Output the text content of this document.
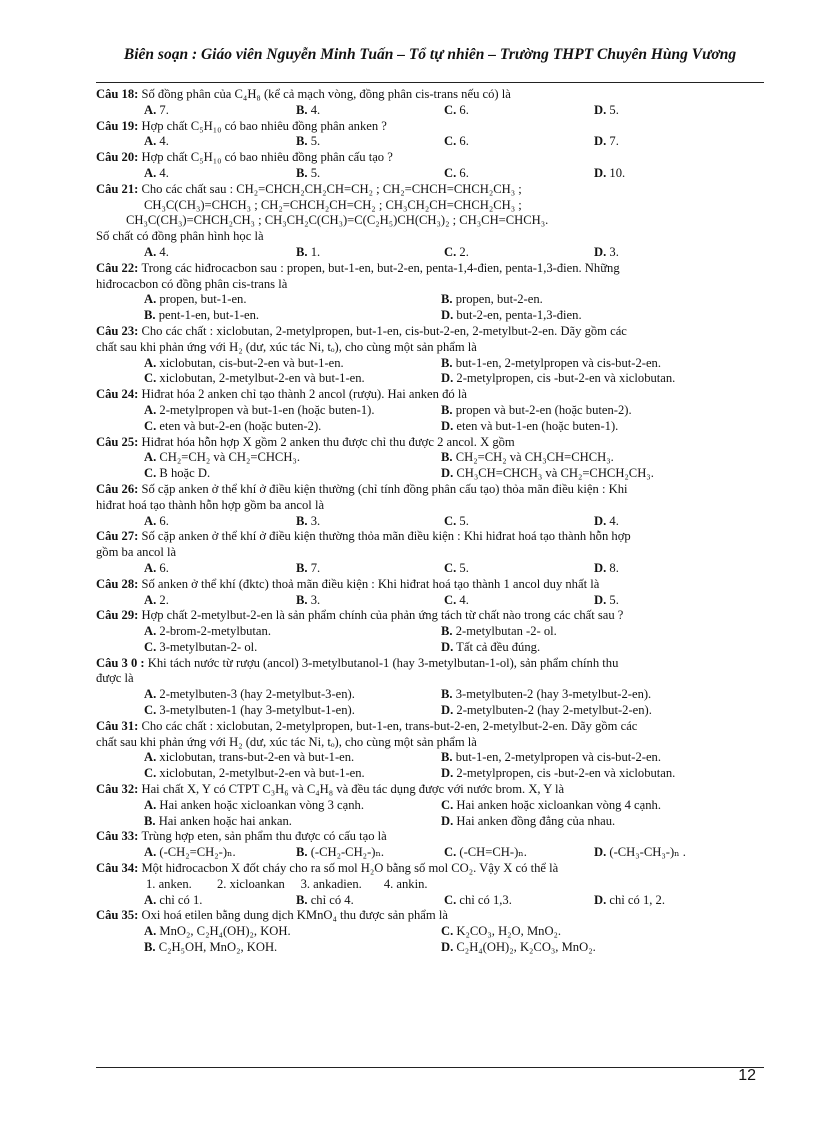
Biên soạn : Giáo viên Nguyễn Minh Tuấn – Tổ tự nhiên – Trường THPT Chuyên Hùng Vương
Câu 18: Số đồng phân của C₄H₈ (kể cả mạch vòng, đồng phân cis-trans nếu có) là
A. 7.	B. 4.	C. 6.	D. 5.
Câu 19: Hợp chất C₅H₁₀ có bao nhiêu đồng phân anken ?
A. 4.	B. 5.	C. 6.	D. 7.
Câu 20: Hợp chất C₅H₁₀ có bao nhiêu đồng phân cấu tạo ?
A. 4.	B. 5.	C. 6.	D. 10.
Câu 21: Cho các chất sau : CH₂=CHCH₂CH₂CH=CH₂ ; CH₂=CHCH=CHCH₂CH₃ ;
CH₃C(CH₃)=CHCH₃ ; CH₂=CHCH₂CH=CH₂ ; CH₃CH₂CH=CHCH₂CH₃ ;
CH₃C(CH₃)=CHCH₂CH₃ ; CH₃CH₂C(CH₃)=C(C₂H₅)CH(CH₃)₂ ; CH₃CH=CHCH₃.
Số chất có đồng phân hình học là
A. 4.	B. 1.	C. 2.	D. 3.
Câu 22: Trong các hiđrocacbon sau : propen, but-1-en, but-2-en, penta-1,4-đien, penta-1,3-đien. Những
hiđrocacbon có đồng phân cis-trans là
A. propen, but-1-en.	B. propen, but-2-en.
B. pent-1-en, but-1-en.	D. but-2-en, penta-1,3-đien.
Câu 23: Cho các chất : xiclobutan, 2-metylpropen, but-1-en, cis-but-2-en, 2-metylbut-2-en. Dãy gồm các
chất sau khi phản ứng với H₂ (dư, xúc tác Ni, tₒ), cho cùng một sản phẩm là
A. xiclobutan, cis-but-2-en và but-1-en.	B. but-1-en, 2-metylpropen và cis-but-2-en.
C. xiclobutan, 2-metylbut-2-en và but-1-en.	D. 2-metylpropen, cis -but-2-en và xiclobutan.
Câu 24: Hiđrat hóa 2 anken chỉ tạo thành 2 ancol (rượu). Hai anken đó là
A. 2-metylpropen và but-1-en (hoặc buten-1).	B. propen và but-2-en (hoặc buten-2).
C. eten và but-2-en (hoặc buten-2).	D. eten và but-1-en (hoặc buten-1).
Câu 25: Hiđrat hóa hỗn hợp X gồm 2 anken thu được chỉ thu được 2 ancol. X gồm
A. CH₂=CH₂ và CH₂=CHCH₃.	B. CH₂=CH₂ và CH₃CH=CHCH₃.
C. B hoặc D.	D. CH₃CH=CHCH₃ và CH₂=CHCH₂CH₃.
Câu 26: Số cặp anken ở thể khí ở điều kiện thường (chỉ tính đồng phân cấu tạo) thỏa mãn điều kiện : Khi
hiđrat hoá tạo thành hỗn hợp gồm ba ancol là
A. 6.	B. 3.	C. 5.	D. 4.
Câu 27: Số cặp anken ở thể khí ở điều kiện thường thỏa mãn điều kiện : Khi hiđrat hoá tạo thành hỗn hợp
gồm ba ancol là
A. 6.	B. 7.	C. 5.	D. 8.
Câu 28: Số anken ở thể khí (đktc) thoả mãn điều kiện : Khi hiđrat hoá tạo thành 1 ancol duy nhất là
A. 2.	B. 3.	C. 4.	D. 5.
Câu 29: Hợp chất 2-metylbut-2-en là sản phẩm chính của phản ứng tách từ chất nào trong các chất sau ?
A. 2-brom-2-metylbutan.	B. 2-metylbutan -2- ol.
C. 3-metylbutan-2- ol.	D. Tất cả đều đúng.
Câu 3 0 : Khi tách nước từ rượu (ancol) 3-metylbutanol-1 (hay 3-metylbutan-1-ol), sản phẩm chính thu
được là
A. 2-metylbuten-3 (hay 2-metylbut-3-en).	B. 3-metylbuten-2 (hay 3-metylbut-2-en).
C. 3-metylbuten-1 (hay 3-metylbut-1-en).	D. 2-metylbuten-2 (hay 2-metylbut-2-en).
Câu 31: Cho các chất : xiclobutan, 2-metylpropen, but-1-en, trans-but-2-en, 2-metylbut-2-en. Dãy gồm các
chất sau khi phản ứng với H₂ (dư, xúc tác Ni, tₒ), cho cùng một sản phẩm là
A. xiclobutan, trans-but-2-en và but-1-en.	B. but-1-en, 2-metylpropen và cis-but-2-en.
C. xiclobutan, 2-metylbut-2-en và but-1-en.	D. 2-metylpropen, cis -but-2-en và xiclobutan.
Câu 32: Hai chất X, Y có CTPT C₃H₆ và C₄H₈ và đều tác dụng được với nước brom. X, Y là
A. Hai anken hoặc xicloankan vòng 3 cạnh.	C. Hai anken hoặc xicloankan vòng 4 cạnh.
B. Hai anken hoặc hai ankan.	D. Hai anken đồng đẳng của nhau.
Câu 33: Trùng hợp eten, sản phẩm thu được có cấu tạo là
A. (-CH₂=CH₂-)ₙ.	B. (-CH₂-CH₂-)ₙ.	C. (-CH=CH-)ₙ.	D. (-CH₃-CH₃-)ₙ .
Câu 34: Một hiđrocacbon X đốt cháy cho ra số mol H₂O bằng số mol CO₂. Vậy X có thể là
1. anken.        2. xicloankan     3. ankadien.       4. ankin.
A. chỉ có 1.	B. chỉ có 4.	C. chỉ có 1,3.	D. chỉ có 1, 2.
Câu 35: Oxi hoá etilen bằng dung dịch KMnO₄ thu được sản phẩm là
A. MnO₂, C₂H₄(OH)₂, KOH.	C. K₂CO₃, H₂O, MnO₂.
B. C₂H₅OH, MnO₂, KOH.	D. C₂H₄(OH)₂, K₂CO₃, MnO₂.
12
